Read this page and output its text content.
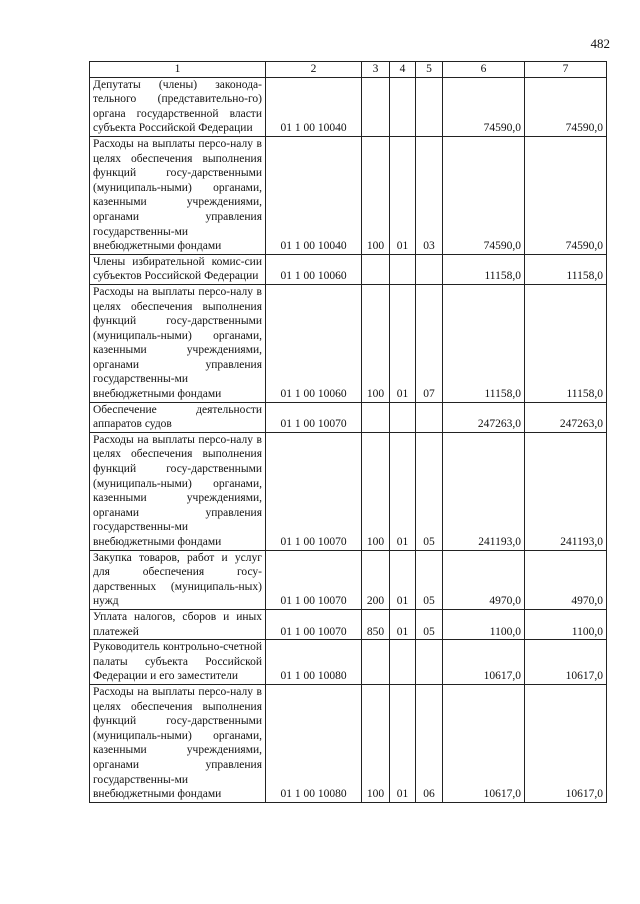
482
1	2	3	4	5	6	7
Депутаты (члены) законода-тельного (представительно-го) органа государственной власти субъекта Российской Федерации	01 1 00 10040				74590,0	74590,0
Расходы на выплаты персо-налу в целях обеспечения выполнения функций госу-дарственными (муниципаль-ными) органами, казенными учреждениями, органами управления государственны-ми внебюджетными фондами	01 1 00 10040	100	01	03	74590,0	74590,0
Члены избирательной комис-сии субъектов Российской Федерации	01 1 00 10060				11158,0	11158,0
Расходы на выплаты персо-налу в целях обеспечения выполнения функций госу-дарственными (муниципаль-ными) органами, казенными учреждениями, органами управления государственны-ми внебюджетными фондами	01 1 00 10060	100	01	07	11158,0	11158,0
Обеспечение деятельности аппаратов судов	01 1 00 10070				247263,0	247263,0
Расходы на выплаты персо-налу в целях обеспечения выполнения функций госу-дарственными (муниципаль-ными) органами, казенными учреждениями, органами управления государственны-ми внебюджетными фондами	01 1 00 10070	100	01	05	241193,0	241193,0
Закупка товаров, работ и услуг для обеспечения госу-дарственных (муниципаль-ных) нужд	01 1 00 10070	200	01	05	4970,0	4970,0
Уплата налогов, сборов и иных платежей	01 1 00 10070	850	01	05	1100,0	1100,0
Руководитель контрольно-счетной палаты субъекта Российской Федерации и его заместители	01 1 00 10080				10617,0	10617,0
Расходы на выплаты персо-налу в целях обеспечения выполнения функций госу-дарственными (муниципаль-ными) органами, казенными учреждениями, органами управления государственны-ми внебюджетными фондами	01 1 00 10080	100	01	06	10617,0	10617,0
